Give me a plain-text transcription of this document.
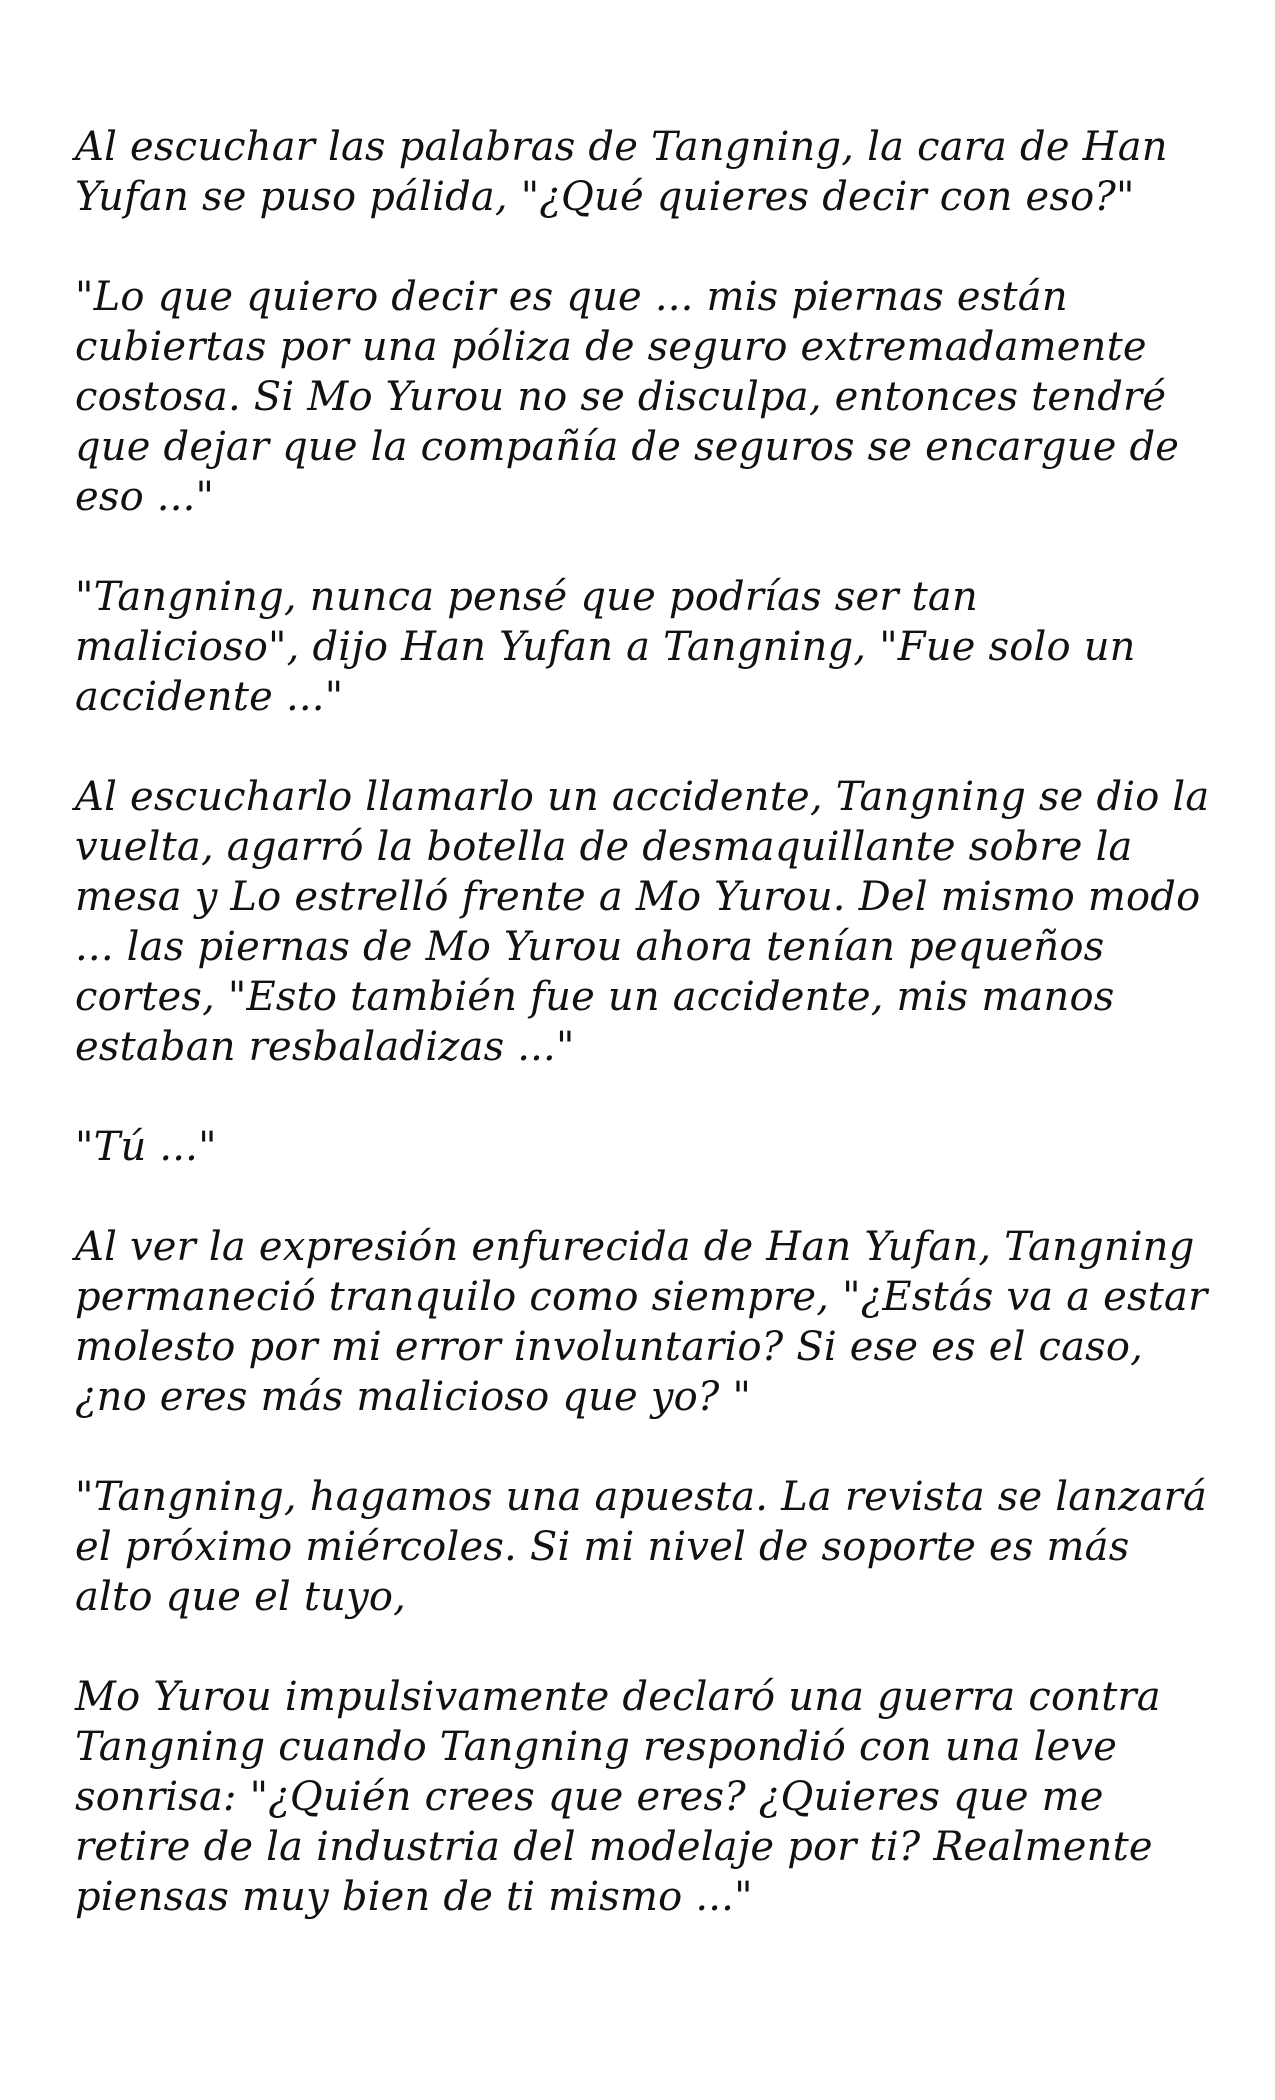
Al escuchar las palabras de Tangning, la cara de Han Yufan se puso pálida, "¿Qué quieres decir con eso?"

"Lo que quiero decir es que ... mis piernas están cubiertas por una póliza de seguro extremadamente costosa. Si Mo Yurou no se disculpa, entonces tendré que dejar que la compañía de seguros se encargue de eso ..."

"Tangning, nunca pensé que podrías ser tan malicioso", dijo Han Yufan a Tangning, "Fue solo un accidente ..."

Al escucharlo llamarlo un accidente, Tangning se dio la vuelta, agarró la botella de desmaquillante sobre la mesa y Lo estrelló frente a Mo Yurou. Del mismo modo ... las piernas de Mo Yurou ahora tenían pequeños cortes, "Esto también fue un accidente, mis manos estaban resbaladizas ..."

"Tú ..."

Al ver la expresión enfurecida de Han Yufan, Tangning permaneció tranquilo como siempre, "¿Estás va a estar molesto por mi error involuntario? Si ese es el caso, ¿no eres más malicioso que yo? "

"Tangning, hagamos una apuesta. La revista se lanzará el próximo miércoles. Si mi nivel de soporte es más alto que el tuyo,

Mo Yurou impulsivamente declaró una guerra contra Tangning cuando Tangning respondió con una leve sonrisa: "¿Quién crees que eres? ¿Quieres que me retire de la industria del modelaje por ti? Realmente piensas muy bien de ti mismo ..."
